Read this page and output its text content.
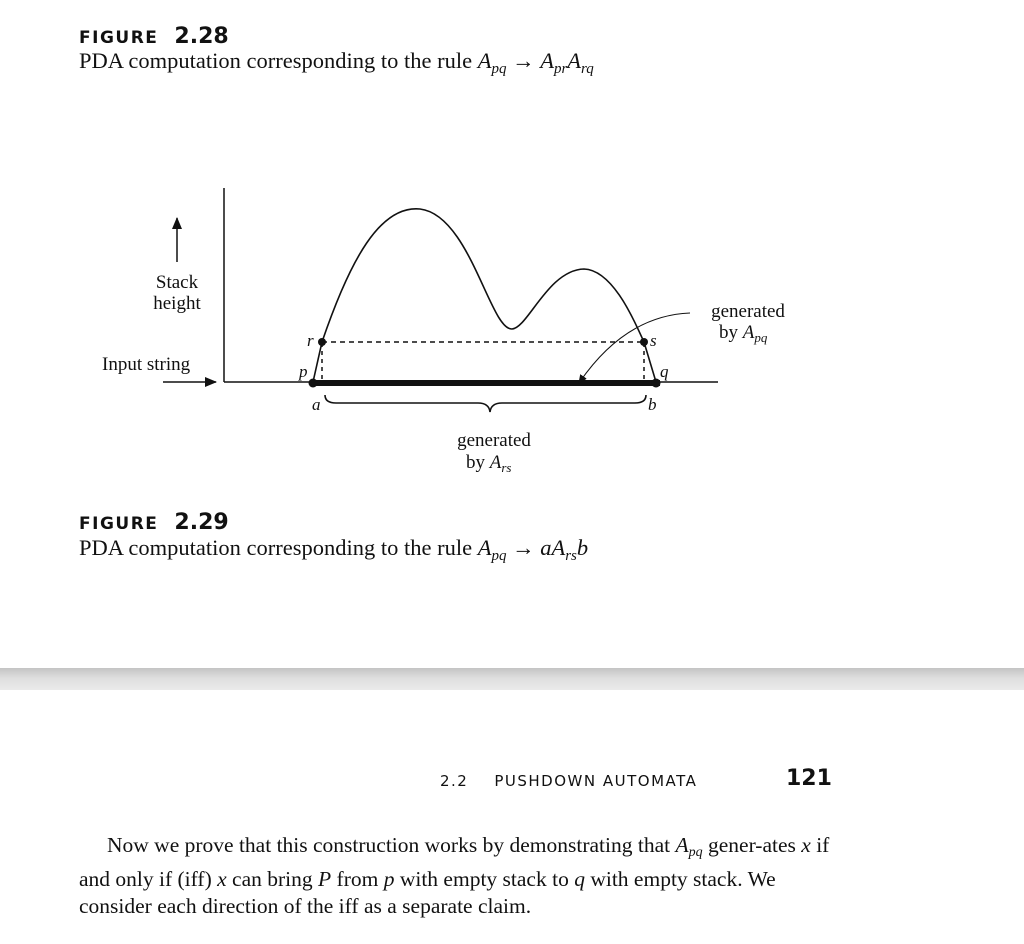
FIGURE 2.28
PDA computation corresponding to the rule $A_{pq} \to A_{pr}A_{rq}$
Stack
height
Input string
r
p
s
q
a	b
generated
by $A_{rs}$
generated
by $A_{pq}$
FIGURE 2.29
PDA computation corresponding to the rule $A_{pq} \to aA_{rs}b$
2.2 PUSHDOWN AUTOMATA	121

Now we prove that this construction works by demonstrating that $A_{pq}$ gener-ates x if and only if (iff) x can bring P from p with empty stack to q with empty stack. We consider each direction of the iff as a separate claim.
